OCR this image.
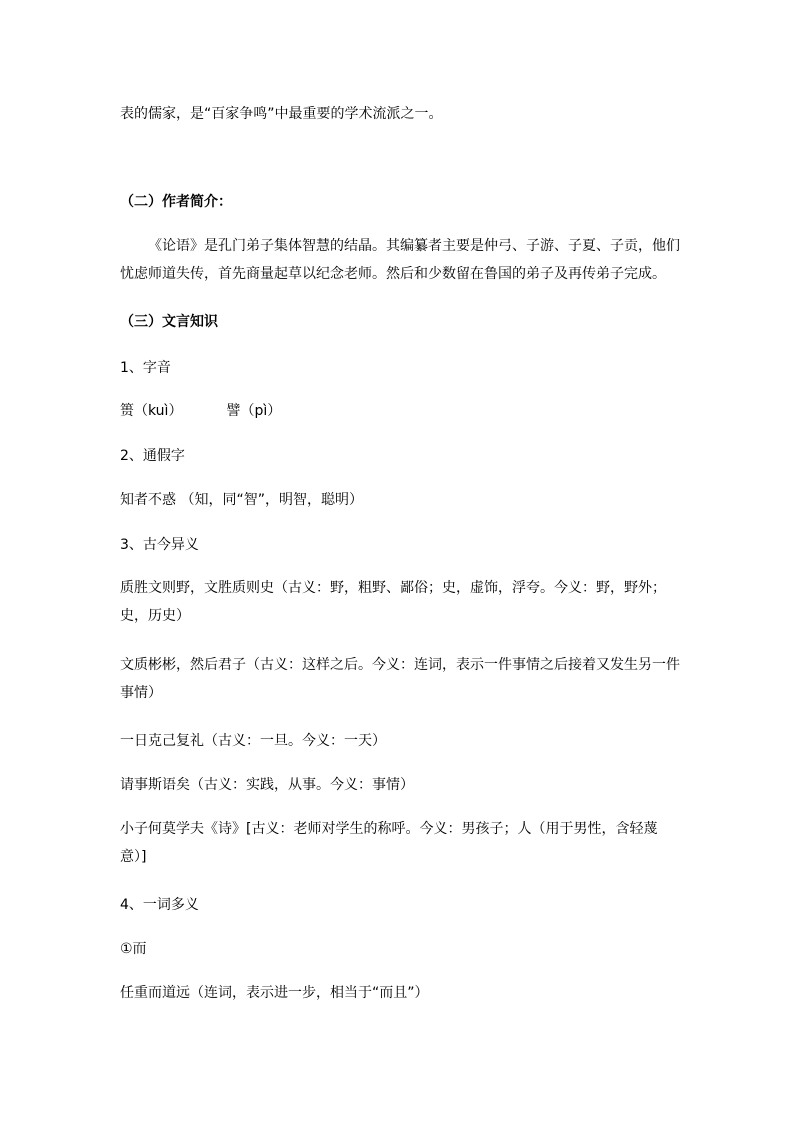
表的儒家，是“百家争鸣”中最重要的学术流派之一。
（二）作者简介：
《论语》是孔门弟子集体智慧的结晶。其编纂者主要是仲弓、子游、子夏、子贡，他们忧虑师道失传，首先商量起草以纪念老师。然后和少数留在鲁国的弟子及再传弟子完成。
（三）文言知识
1、字音
篑（kuì）	譬（pì）
2、通假字
知者不惑 （知，同“智”，明智，聪明）
3、古今异义
质胜文则野，文胜质则史（古义：野，粗野、鄙俗；史，虚饰，浮夸。今义：野，野外；史，历史）
文质彬彬，然后君子（古义：这样之后。今义：连词，表示一件事情之后接着又发生另一件事情）
一日克己复礼（古义：一旦。今义：一天）
请事斯语矣（古义：实践，从事。今义：事情）
小子何莫学夫《诗》[古义：老师对学生的称呼。今义：男孩子；人（用于男性，含轻蔑意）]
4、一词多义
①而
任重而道远（连词，表示进一步，相当于“而且”）
